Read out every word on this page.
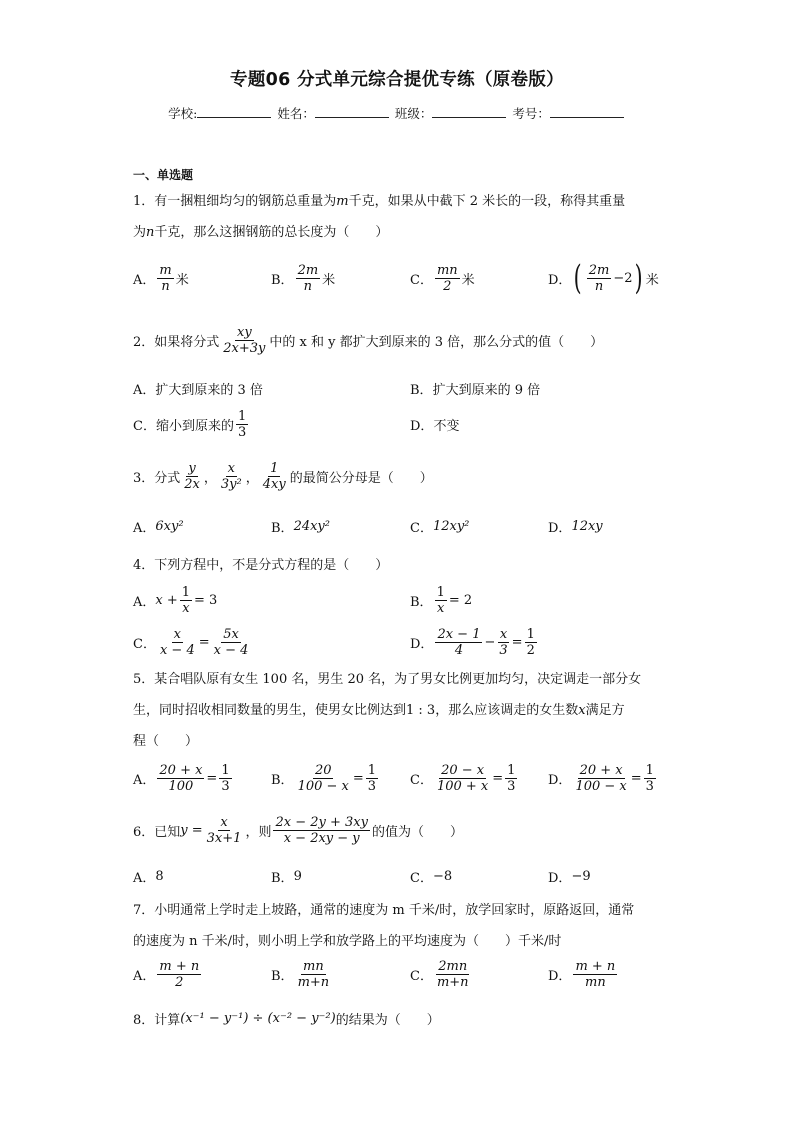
专题06 分式单元综合提优专练（原卷版）
学校:	姓名：	班级：	考号：
一、单选题
1．有一捆粗细均匀的钢筋总重量为m千克，如果从中截下 2 米长的一段，称得其重量
为n千克，那么这捆钢筋的总长度为（　　）
A．
m
n 米	B．
2m
n 米	C．
mn
2 米	D． ( 2m
n
−2 ) 米
2．如果将分式
xy
2x+3y 中的 x 和 y 都扩大到原来的 3 倍，那么分式的值（　　）
A． 扩大到原来的 3 倍	B． 扩大到原来的 9 倍
C． 缩小到原来的
1
3	D． 不变
3．分式
y
2x ，
x
3y² ，
1
4xy 的最简公分母是（　　）
A． 6xy²	B． 24xy²	C． 12xy²	D． 12xy
4．下列方程中，不是分式方程的是（　　）
A． $x + \frac{1}{x} = 3$	B． $\frac{1}{x} = 2$
C． $\frac{x}{x - 4} = \frac{5x}{x - 4}$	D．
2x − 1
4
− $\frac{x}{3} = \frac{1}{2}$
5．某合唱队原有女生 100 名，男生 20 名，为了男女比例更加均匀，决定调走一部分女
生，同时招收相同数量的男生，使男女比例达到1 : 3，那么应该调走的女生数x满足方
程（　　）
A．
20 + x
100
=
1
3	B．
20
100 − x
=
1
3	C．
20 − x
100 + x
=
1
3	D．
20 + x
100 − x
=
1
3
6．已知 $y = \frac{x}{3x+1}$ ，则
2x − 2y + 3xy
x − 2xy − y 的值为（　　）
A． 8	B． 9	C． −8	D． −9
7．小明通常上学时走上坡路，通常的速度为 m 千米/时，放学回家时，原路返回，通常
的速度为 n 千米/时，则小明上学和放学路上的平均速度为（　　）千米/时
A．
m + n
2	B．
mn
m+n	C．
2mn
m+n	D．
m + n
mn
8．计算 (x⁻¹ − y⁻¹) ÷ (x⁻² − y⁻²) 的结果为（　　）
